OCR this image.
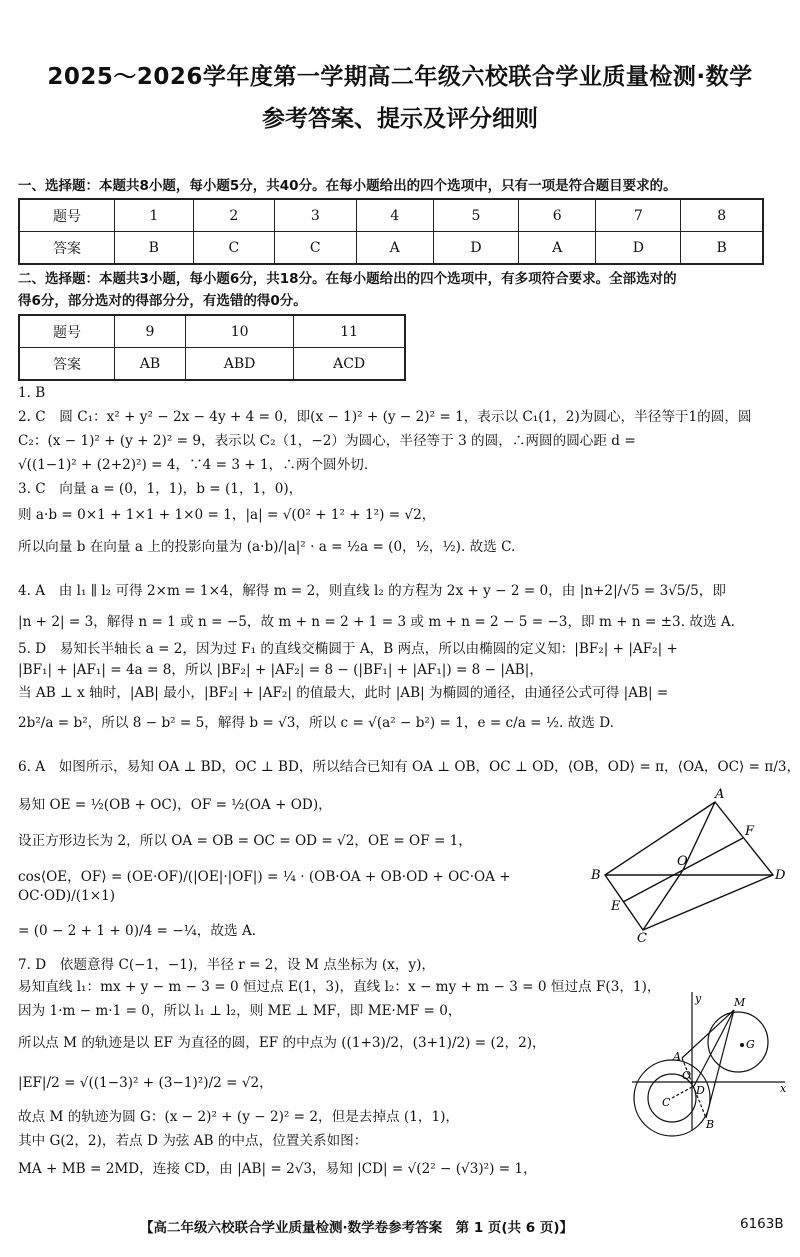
2025～2026学年度第一学期高二年级六校联合学业质量检测·数学
参考答案、提示及评分细则
一、选择题：本题共8小题，每小题5分，共40分。在每小题给出的四个选项中，只有一项是符合题目要求的。
题号	1	2	3	4	5	6	7	8
答案	B	C	C	A	D	A	D	B
二、选择题：本题共3小题，每小题6分，共18分。在每小题给出的四个选项中，有多项符合要求。全部选对的
得6分，部分选对的得部分分，有选错的得0分。
题号	9	10	11
答案	AB	ABD	ACD
1. B
2. C　圆 C₁：x² + y² − 2x − 4y + 4 = 0，即(x − 1)² + (y − 2)² = 1，表示以 C₁(1，2)为圆心，半径等于1的圆，圆
C₂：(x − 1)² + (y + 2)² = 9，表示以 C₂（1，−2）为圆心，半径等于 3 的圆，∴两圆的圆心距 d =
√((1−1)² + (2+2)²) = 4，∵4 = 3 + 1，∴两个圆外切.
3. C　向量 a = (0，1，1)，b = (1，1，0)，
则 a·b = 0×1 + 1×1 + 1×0 = 1，|a| = √(0² + 1² + 1²) = √2，
所以向量 b 在向量 a 上的投影向量为 (a·b)/|a|² · a = ½a = (0，½，½). 故选 C.
4. A　由 l₁ ∥ l₂ 可得 2×m = 1×4，解得 m = 2，则直线 l₂ 的方程为 2x + y − 2 = 0，由 |n+2|/√5 = 3√5/5，即
|n + 2| = 3，解得 n = 1 或 n = −5，故 m + n = 2 + 1 = 3 或 m + n = 2 − 5 = −3，即 m + n = ±3. 故选 A.
5. D　易知长半轴长 a = 2，因为过 F₁ 的直线交椭圆于 A，B 两点，所以由椭圆的定义知：|BF₂| + |AF₂| +
|BF₁| + |AF₁| = 4a = 8，所以 |BF₂| + |AF₂| = 8 − (|BF₁| + |AF₁|) = 8 − |AB|，
当 AB ⊥ x 轴时，|AB| 最小，|BF₂| + |AF₂| 的值最大，此时 |AB| 为椭圆的通径，由通径公式可得 |AB| =
2b²/a = b²，所以 8 − b² = 5，解得 b = √3，所以 c = √(a² − b²) = 1，e = c/a = ½. 故选 D.
6. A　如图所示，易知 OA ⊥ BD，OC ⊥ BD，所以结合已知有 OA ⊥ OB，OC ⊥ OD，⟨OB，OD⟩ = π，⟨OA，OC⟩ = π/3，
易知 OE = ½(OB + OC)，OF = ½(OA + OD)，
设正方形边长为 2，所以 OA = OB = OC = OD = √2，OE = OF = 1，
cos⟨OE，OF⟩ = (OE·OF)/(|OE|·|OF|) = ¼ · (OB·OA + OB·OD + OC·OA + OC·OD)/(1×1)
= (0 − 2 + 1 + 0)/4 = −¼，故选 A.
7. D　依题意得 C(−1，−1)，半径 r = 2，设 M 点坐标为 (x，y)，
易知直线 l₁：mx + y − m − 3 = 0 恒过点 E(1，3)，直线 l₂：x − my + m − 3 = 0 恒过点 F(3，1)，
因为 1·m − m·1 = 0，所以 l₁ ⊥ l₂，则 ME ⊥ MF，即 ME·MF = 0，
所以点 M 的轨迹是以 EF 为直径的圆，EF 的中点为 ((1+3)/2，(3+1)/2) = (2，2)，
|EF|/2 = √((1−3)² + (3−1)²)/2 = √2，
故点 M 的轨迹为圆 G：(x − 2)² + (y − 2)² = 2，但是去掉点 (1，1)，
其中 G(2，2)，若点 D 为弦 AB 的中点，位置关系如图：
MA + MB = 2MD，连接 CD，由 |AB| = 2√3，易知 |CD| = √(2² − (√3)²) = 1，
A
F
O
B	D
E
C
y	M
G
A
O
D	x
C
B
【高二年级六校联合学业质量检测·数学卷参考答案　第 1 页(共 6 页)】	6163B
